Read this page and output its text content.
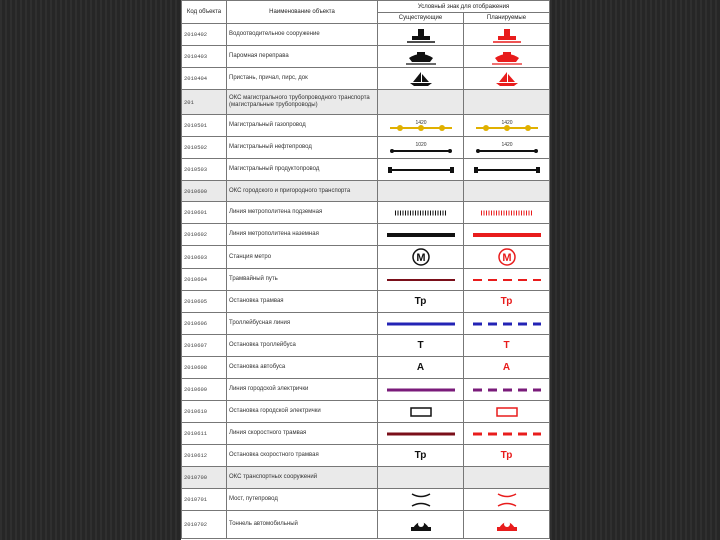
Код объекта	Наименование объекта	Условный знак для отображения	
		Существующие	Планируемые
2010402	Водоотводительное сооружение	

2010403	Паромная переправа	

2010404	Пристань, причал, пирс, док	

201	ОКС магистрального трубопроводного транспорта (магистральные трубопроводы)		
2010501	Магистральный газопровод	1420	1420

2010502	Магистральный нефтепровод	1020	1420

2010503	Магистральный продуктопровод	

2010600	ОКС городского и пригородного транспорта		
2010601	Линия метрополитена подземная	

2010602	Линия метрополитена наземная	

2010603	Станция метро	M	M

2010604	Трамвайный путь	

2010605	Остановка трамвая	Тр	Тр

2010606	Троллейбусная линия	

2010607	Остановка троллейбуса	Т	Т

2010608	Остановка автобуса	А	А

2010609	Линия городской электрички	

2010610	Остановка городской электрички	

2010611	Линия скоростного трамвая	

2010612	Остановка скоростного трамвая	Тр	Тр

2010700	ОКС транспортных сооружений		
2010701	Мост, путепровод	

2010702	Тоннель автомобильный	
